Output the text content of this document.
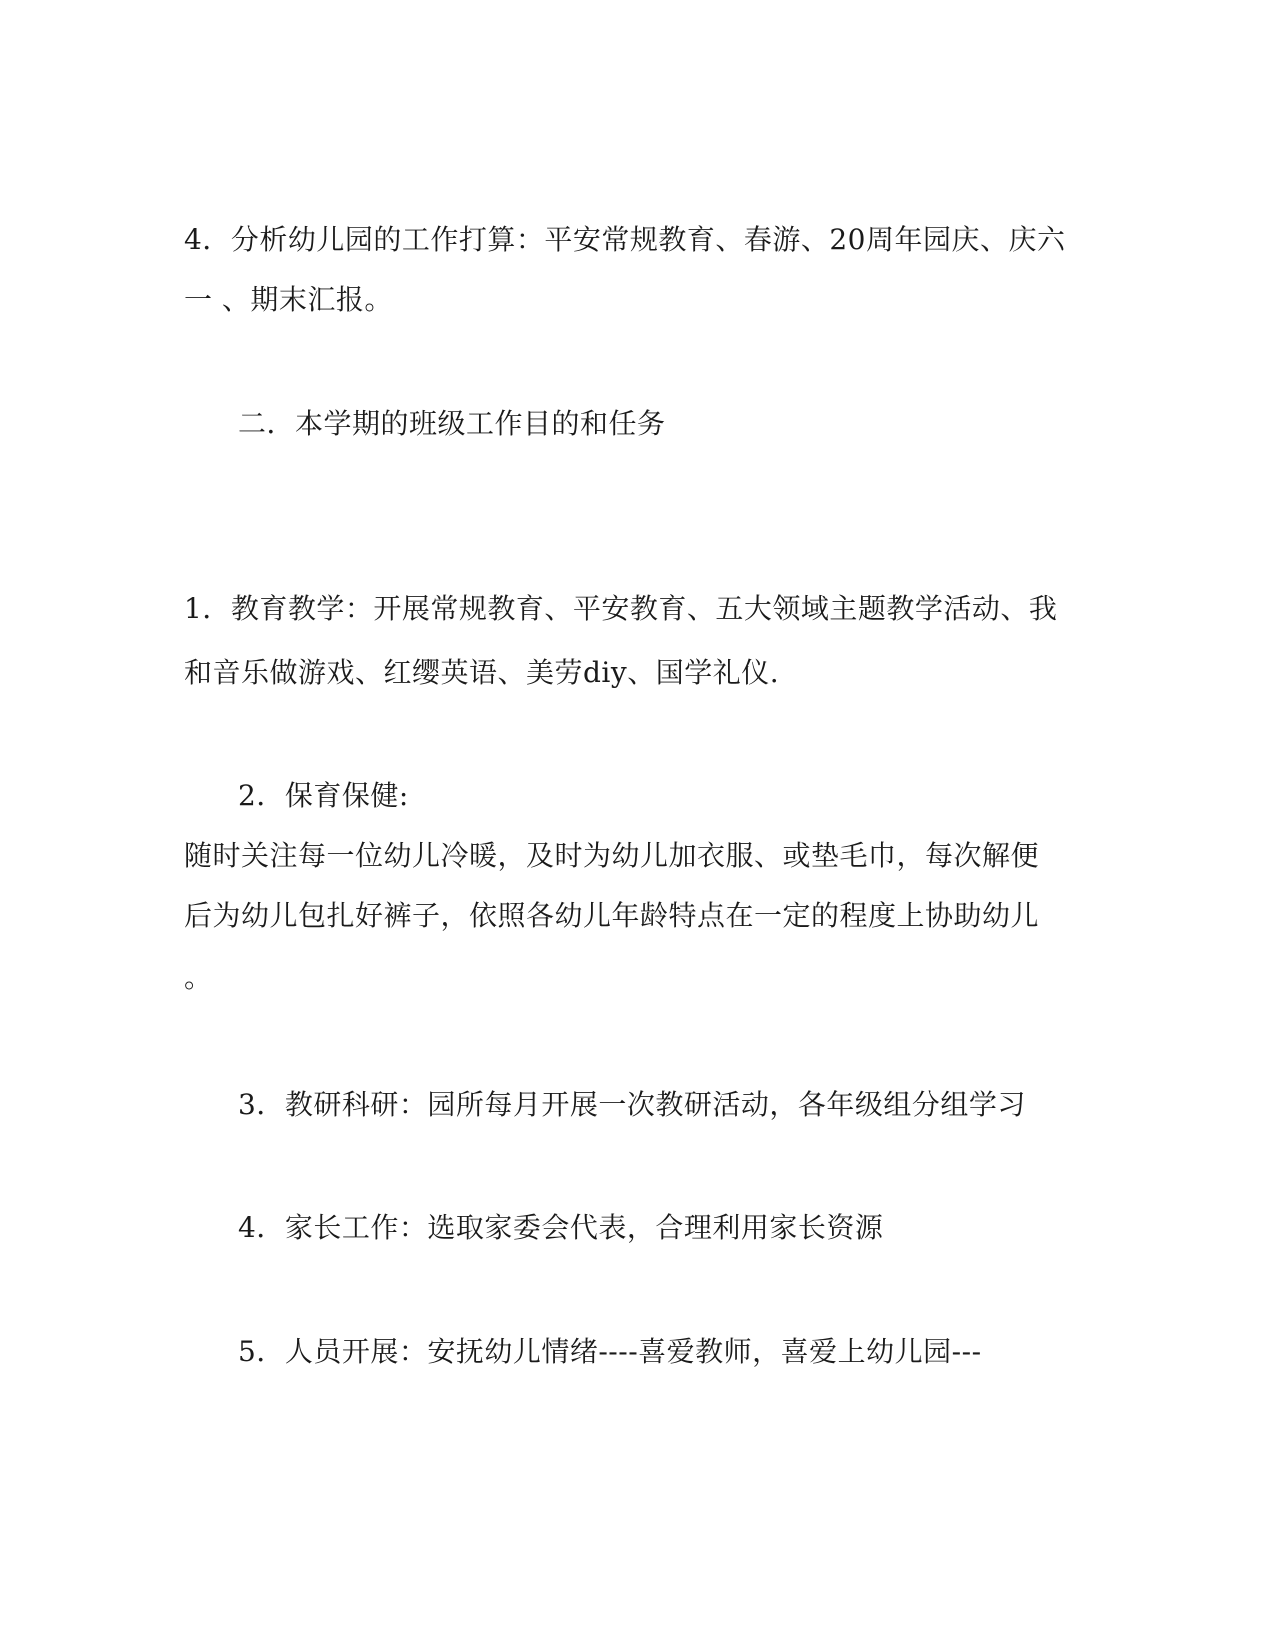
4．分析幼儿园的工作打算：平安常规教育、春游、20周年园庆、庆六
一 、期末汇报。
二．本学期的班级工作目的和任务
1．教育教学：开展常规教育、平安教育、五大领域主题教学活动、我
和音乐做游戏、红缨英语、美劳diy、国学礼仪.
2．保育保健:
随时关注每一位幼儿冷暖，及时为幼儿加衣服、或垫毛巾，每次解便
后为幼儿包扎好裤子，依照各幼儿年龄特点在一定的程度上协助幼儿
。
3．教研科研：园所每月开展一次教研活动，各年级组分组学习
4．家长工作：选取家委会代表，合理利用家长资源
5．人员开展：安抚幼儿情绪----喜爱教师，喜爱上幼儿园---
